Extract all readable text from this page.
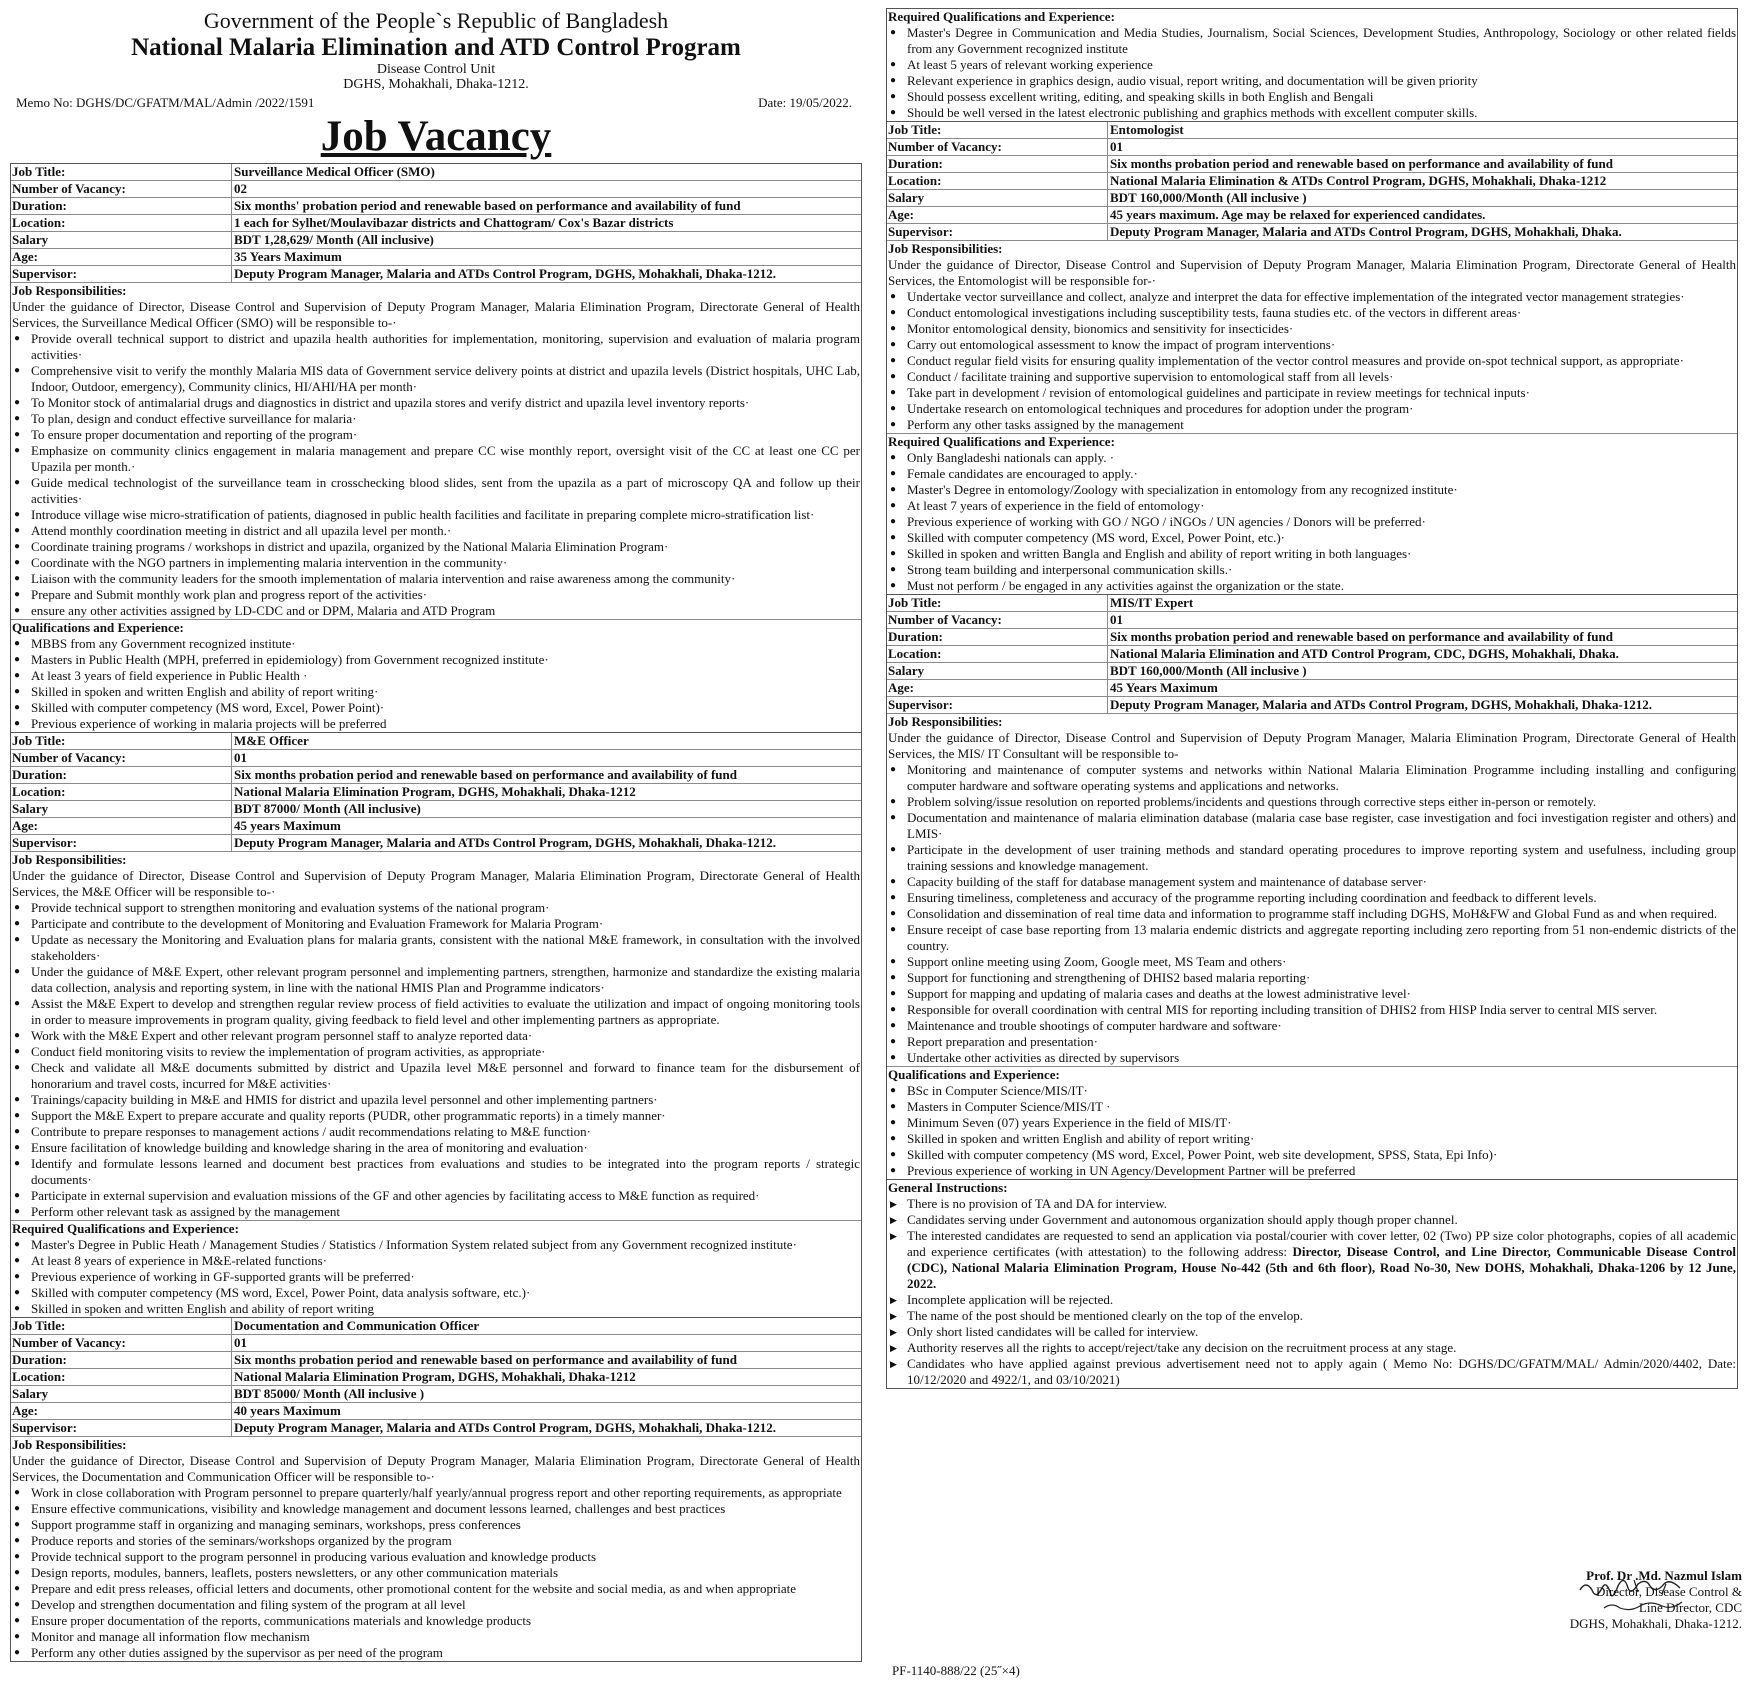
Government of the People`s Republic of Bangladesh
National Malaria Elimination and ATD Control Program
Disease Control Unit
DGHS, Mohakhali, Dhaka-1212.
Memo No: DGHS/DC/GFATM/MAL/Admin /2022/1591	Date: 19/05/2022.
Job Vacancy
Job Title:	Surveillance Medical Officer (SMO)
Number of Vacancy:	02
Duration:	Six months' probation period and renewable based on performance and availability of fund
Location:	1 each for Sylhet/Moulavibazar districts and Chattogram/ Cox's Bazar districts
Salary	BDT 1,28,629/ Month (All inclusive)
Age:	35 Years Maximum
Supervisor:	Deputy Program Manager, Malaria and ATDs Control Program, DGHS, Mohakhali, Dhaka-1212.
Job Responsibilities:
Under the guidance of Director, Disease Control and Supervision of Deputy Program Manager, Malaria Elimination Program, Directorate General of Health Services, the Surveillance Medical Officer (SMO) will be responsible to-·
● Provide overall technical support to district and upazila health authorities for implementation, monitoring, supervision and evaluation of malaria program activities·
● Comprehensive visit to verify the monthly Malaria MIS data of Government service delivery points at district and upazila levels (District hospitals, UHC Lab, Indoor, Outdoor, emergency), Community clinics, HI/AHI/HA per month·
● To Monitor stock of antimalarial drugs and diagnostics in district and upazila stores and verify district and upazila level inventory reports·
● To plan, design and conduct effective surveillance for malaria·
● To ensure proper documentation and reporting of the program·
● Emphasize on community clinics engagement in malaria management and prepare CC wise monthly report, oversight visit of the CC at least one CC per Upazila per month.·
● Guide medical technologist of the surveillance team in crosschecking blood slides, sent from the upazila as a part of microscopy QA and follow up their activities·
● Introduce village wise micro-stratification of patients, diagnosed in public health facilities and facilitate in preparing complete micro-stratification list·
● Attend monthly coordination meeting in district and all upazila level per month.·
● Coordinate training programs / workshops in district and upazila, organized by the National Malaria Elimination Program·
● Coordinate with the NGO partners in implementing malaria intervention in the community·
● Liaison with the community leaders for the smooth implementation of malaria intervention and raise awareness among the community·
● Prepare and Submit monthly work plan and progress report of the activities·
● ensure any other activities assigned by LD-CDC and or DPM, Malaria and ATD Program
Qualifications and Experience:
● MBBS from any Government recognized institute·
● Masters in Public Health (MPH, preferred in epidemiology) from Government recognized institute·
● At least 3 years of field experience in Public Health ·
● Skilled in spoken and written English and ability of report writing·
● Skilled with computer competency (MS word, Excel, Power Point)·
● Previous experience of working in malaria projects will be preferred
Job Title:	M&E Officer
Number of Vacancy:	01
Duration:	Six months probation period and renewable based on performance and availability of fund
Location:	National Malaria Elimination Program, DGHS, Mohakhali, Dhaka-1212
Salary	BDT 87000/ Month (All inclusive)
Age:	45 years Maximum
Supervisor:	Deputy Program Manager, Malaria and ATDs Control Program, DGHS, Mohakhali, Dhaka-1212.
Job Responsibilities:
Under the guidance of Director, Disease Control and Supervision of Deputy Program Manager, Malaria Elimination Program, Directorate General of Health Services, the M&E Officer will be responsible to-·
● Provide technical support to strengthen monitoring and evaluation systems of the national program·
● Participate and contribute to the development of Monitoring and Evaluation Framework for Malaria Program·
● Update as necessary the Monitoring and Evaluation plans for malaria grants, consistent with the national M&E framework, in consultation with the involved stakeholders·
● Under the guidance of M&E Expert, other relevant program personnel and implementing partners, strengthen, harmonize and standardize the existing malaria data collection, analysis and reporting system, in line with the national HMIS Plan and Programme indicators·
● Assist the M&E Expert to develop and strengthen regular review process of field activities to evaluate the utilization and impact of ongoing monitoring tools in order to measure improvements in program quality, giving feedback to field level and other implementing partners as appropriate.
● Work with the M&E Expert and other relevant program personnel staff to analyze reported data·
● Conduct field monitoring visits to review the implementation of program activities, as appropriate·
● Check and validate all M&E documents submitted by district and Upazila level M&E personnel and forward to finance team for the disbursement of honorarium and travel costs, incurred for M&E activities·
● Trainings/capacity building in M&E and HMIS for district and upazila level personnel and other implementing partners·
● Support the M&E Expert to prepare accurate and quality reports (PUDR, other programmatic reports) in a timely manner·
● Contribute to prepare responses to management actions / audit recommendations relating to M&E function·
● Ensure facilitation of knowledge building and knowledge sharing in the area of monitoring and evaluation·
● Identify and formulate lessons learned and document best practices from evaluations and studies to be integrated into the program reports / strategic documents·
● Participate in external supervision and evaluation missions of the GF and other agencies by facilitating access to M&E function as required·
● Perform other relevant task as assigned by the management
Required Qualifications and Experience:
● Master's Degree in Public Heath / Management Studies / Statistics / Information System related subject from any Government recognized institute·
● At least 8 years of experience in M&E-related functions·
● Previous experience of working in GF-supported grants will be preferred·
● Skilled with computer competency (MS word, Excel, Power Point, data analysis software, etc.)·
● Skilled in spoken and written English and ability of report writing
Job Title:	Documentation and Communication Officer
Number of Vacancy:	01
Duration:	Six months probation period and renewable based on performance and availability of fund
Location:	National Malaria Elimination Program, DGHS, Mohakhali, Dhaka-1212
Salary	BDT 85000/ Month (All inclusive )
Age:	40 years Maximum
Supervisor:	Deputy Program Manager, Malaria and ATDs Control Program, DGHS, Mohakhali, Dhaka-1212.
Job Responsibilities:
Under the guidance of Director, Disease Control and Supervision of Deputy Program Manager, Malaria Elimination Program, Directorate General of Health Services, the Documentation and Communication Officer will be responsible to-·
● Work in close collaboration with Program personnel to prepare quarterly/half yearly/annual progress report and other reporting requirements, as appropriate
● Ensure effective communications, visibility and knowledge management and document lessons learned, challenges and best practices
● Support programme staff in organizing and managing seminars, workshops, press conferences
● Produce reports and stories of the seminars/workshops organized by the program
● Provide technical support to the program personnel in producing various evaluation and knowledge products
● Design reports, modules, banners, leaflets, posters newsletters, or any other communication materials
● Prepare and edit press releases, official letters and documents, other promotional content for the website and social media, as and when appropriate
● Develop and strengthen documentation and filing system of the program at all level
● Ensure proper documentation of the reports, communications materials and knowledge products
● Monitor and manage all information flow mechanism
● Perform any other duties assigned by the supervisor as per need of the program
Required Qualifications and Experience:
● Master's Degree in Communication and Media Studies, Journalism, Social Sciences, Development Studies, Anthropology, Sociology or other related fields from any Government recognized institute
● At least 5 years of relevant working experience
● Relevant experience in graphics design, audio visual, report writing, and documentation will be given priority
● Should possess excellent writing, editing, and speaking skills in both English and Bengali
● Should be well versed in the latest electronic publishing and graphics methods with excellent computer skills.
Job Title:	Entomologist
Number of Vacancy:	01
Duration:	Six months probation period and renewable based on performance and availability of fund
Location:	National Malaria Elimination & ATDs Control Program, DGHS, Mohakhali, Dhaka-1212
Salary	BDT 160,000/Month (All inclusive )
Age:	45 years maximum. Age may be relaxed for experienced candidates.
Supervisor:	Deputy Program Manager, Malaria and ATDs Control Program, DGHS, Mohakhali, Dhaka.
Job Responsibilities:
Under the guidance of Director, Disease Control and Supervision of Deputy Program Manager, Malaria Elimination Program, Directorate General of Health Services, the Entomologist will be responsible for-·
● Undertake vector surveillance and collect, analyze and interpret the data for effective implementation of the integrated vector management strategies·
● Conduct entomological investigations including susceptibility tests, fauna studies etc. of the vectors in different areas·
● Monitor entomological density, bionomics and sensitivity for insecticides·
● Carry out entomological assessment to know the impact of program interventions·
● Conduct regular field visits for ensuring quality implementation of the vector control measures and provide on-spot technical support, as appropriate·
● Conduct / facilitate training and supportive supervision to entomological staff from all levels·
● Take part in development / revision of entomological guidelines and participate in review meetings for technical inputs·
● Undertake research on entomological techniques and procedures for adoption under the program·
● Perform any other tasks assigned by the management
Required Qualifications and Experience:
● Only Bangladeshi nationals can apply. ·
● Female candidates are encouraged to apply.·
● Master's Degree in entomology/Zoology with specialization in entomology from any recognized institute·
● At least 7 years of experience in the field of entomology·
● Previous experience of working with GO / NGO / iNGOs / UN agencies / Donors will be preferred·
● Skilled with computer competency (MS word, Excel, Power Point, etc.)·
● Skilled in spoken and written Bangla and English and ability of report writing in both languages·
● Strong team building and interpersonal communication skills.·
● Must not perform / be engaged in any activities against the organization or the state.
Job Title:	MIS/IT Expert
Number of Vacancy:	01
Duration:	Six months probation period and renewable based on performance and availability of fund
Location:	National Malaria Elimination and ATD Control Program, CDC, DGHS, Mohakhali, Dhaka.
Salary	BDT 160,000/Month (All inclusive )
Age:	45 Years Maximum
Supervisor:	Deputy Program Manager, Malaria and ATDs Control Program, DGHS, Mohakhali, Dhaka-1212.
Job Responsibilities:
Under the guidance of Director, Disease Control and Supervision of Deputy Program Manager, Malaria Elimination Program, Directorate General of Health Services, the MIS/ IT Consultant will be responsible to-
● Monitoring and maintenance of computer systems and networks within National Malaria Elimination Programme including installing and configuring computer hardware and software operating systems and applications and networks.
● Problem solving/issue resolution on reported problems/incidents and questions through corrective steps either in-person or remotely.
● Documentation and maintenance of malaria elimination database (malaria case base register, case investigation and foci investigation register and others) and LMIS·
● Participate in the development of user training methods and standard operating procedures to improve reporting system and usefulness, including group training sessions and knowledge management.
● Capacity building of the staff for database management system and maintenance of database server·
● Ensuring timeliness, completeness and accuracy of the programme reporting including coordination and feedback to different levels.
● Consolidation and dissemination of real time data and information to programme staff including DGHS, MoH&FW and Global Fund as and when required.
● Ensure receipt of case base reporting from 13 malaria endemic districts and aggregate reporting including zero reporting from 51 non-endemic districts of the country.
● Support online meeting using Zoom, Google meet, MS Team and others·
● Support for functioning and strengthening of DHIS2 based malaria reporting·
● Support for mapping and updating of malaria cases and deaths at the lowest administrative level·
● Responsible for overall coordination with central MIS for reporting including transition of DHIS2 from HISP India server to central MIS server.
● Maintenance and trouble shootings of computer hardware and software·
● Report preparation and presentation·
● Undertake other activities as directed by supervisors
Qualifications and Experience:
● BSc in Computer Science/MIS/IT·
● Masters in Computer Science/MIS/IT ·
● Minimum Seven (07) years Experience in the field of MIS/IT·
● Skilled in spoken and written English and ability of report writing·
● Skilled with computer competency (MS word, Excel, Power Point, web site development, SPSS, Stata, Epi Info)·
● Previous experience of working in UN Agency/Development Partner will be preferred
General Instructions:
▶ There is no provision of TA and DA for interview.
▶ Candidates serving under Government and autonomous organization should apply though proper channel.
▶ The interested candidates are requested to send an application via postal/courier with cover letter, 02 (Two) PP size color photographs, copies of all academic and experience certificates (with attestation) to the following address: Director, Disease Control, and Line Director, Communicable Disease Control (CDC), National Malaria Elimination Program, House No-442 (5th and 6th floor), Road No-30, New DOHS, Mohakhali, Dhaka-1206 by 12 June, 2022.
▶ Incomplete application will be rejected.
▶ The name of the post should be mentioned clearly on the top of the envelop.
▶ Only short listed candidates will be called for interview.
▶ Authority reserves all the rights to accept/reject/take any decision on the recruitment process at any stage.
▶ Candidates who have applied against previous advertisement need not to apply again ( Memo No: DGHS/DC/GFATM/MAL/ Admin/2020/4402, Date: 10/12/2020 and 4922/1, and 03/10/2021)
Prof. Dr .Md. Nazmul Islam
Director, Disease Control &
Line Director, CDC
DGHS, Mohakhali, Dhaka-1212.
PF-1140-888/22 (25˝×4)
